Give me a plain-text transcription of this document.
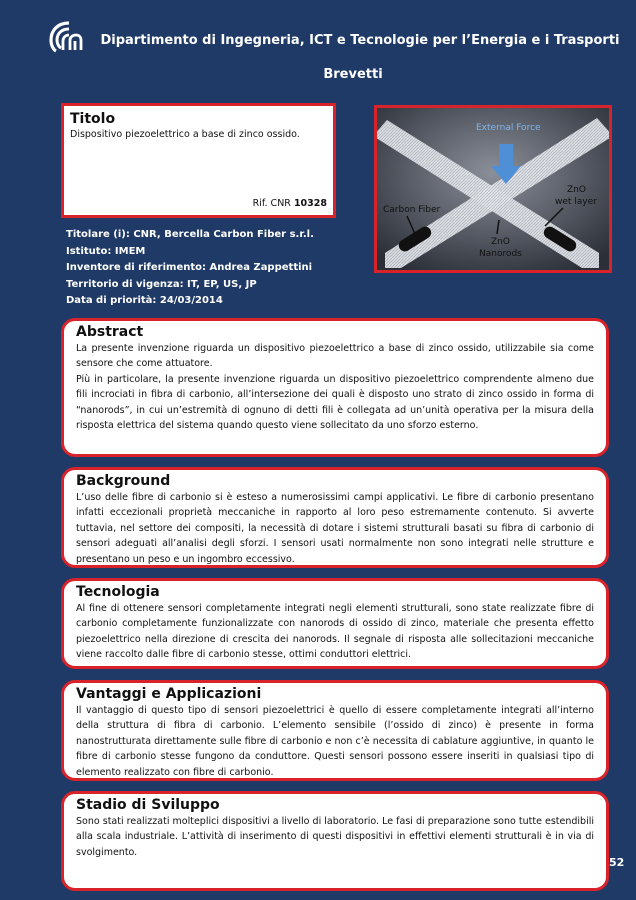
Dipartimento di Ingegneria, ICT e Tecnologie per l’Energia e i Trasporti
Brevetti
Titolo
Dispositivo piezoelettrico a base di zinco ossido.
Rif. CNR 10328
External Force
Carbon Fiber
ZnO
wet layer
ZnO
Nanorods
Titolare (i): CNR, Bercella Carbon Fiber s.r.l.
Istituto: IMEM
Inventore di riferimento: Andrea Zappettini
Territorio di vigenza: IT, EP, US, JP
Data di priorità: 24/03/2014
Abstract

La presente invenzione riguarda un dispositivo piezoelettrico a base di zinco ossido, utilizzabile sia come sensore che come attuatore.

Più in particolare, la presente invenzione riguarda un dispositivo piezoelettrico comprendente almeno due fili incrociati in fibra di carbonio, all’intersezione dei quali è disposto uno strato di zinco ossido in forma di “nanorods”, in cui un’estremità di ognuno di detti fili è collegata ad un’unità operativa per la misura della risposta elettrica del sistema quando questo viene sollecitato da uno sforzo esterno.

Background

L’uso delle fibre di carbonio si è esteso a numerosissimi campi applicativi. Le fibre di carbonio presentano infatti eccezionali proprietà meccaniche in rapporto al loro peso estremamente contenuto. Si avverte tuttavia, nel settore dei compositi, la necessità di dotare i sistemi strutturali basati su fibra di carbonio di sensori adeguati all’analisi degli sforzi. I sensori usati normalmente non sono integrati nelle strutture e presentano un peso e un ingombro eccessivo.

Tecnologia

Al fine di ottenere sensori completamente integrati negli elementi strutturali, sono state realizzate fibre di carbonio completamente funzionalizzate con nanorods di ossido di zinco, materiale che presenta effetto piezoelettrico nella direzione di crescita dei nanorods. Il segnale di risposta alle sollecitazioni meccaniche viene raccolto dalle fibre di carbonio stesse, ottimi conduttori elettrici.

Vantaggi e Applicazioni

Il vantaggio di questo tipo di sensori piezoelettrici è quello di essere completamente integrati all’interno della struttura di fibra di carbonio. L’elemento sensibile (l’ossido di zinco) è presente in forma nanostrutturata direttamente sulle fibre di carbonio e non c’è necessita di cablature aggiuntive, in quanto le fibre di carbonio stesse fungono da conduttore. Questi sensori possono essere inseriti in qualsiasi tipo di elemento realizzato con fibre di carbonio.

Stadio di Sviluppo

Sono stati realizzati molteplici dispositivi a livello di laboratorio. Le fasi di preparazione sono tutte estendibili alla scala industriale. L’attività di inserimento di questi dispositivi in effettivi elementi strutturali è in via di svolgimento.

52
